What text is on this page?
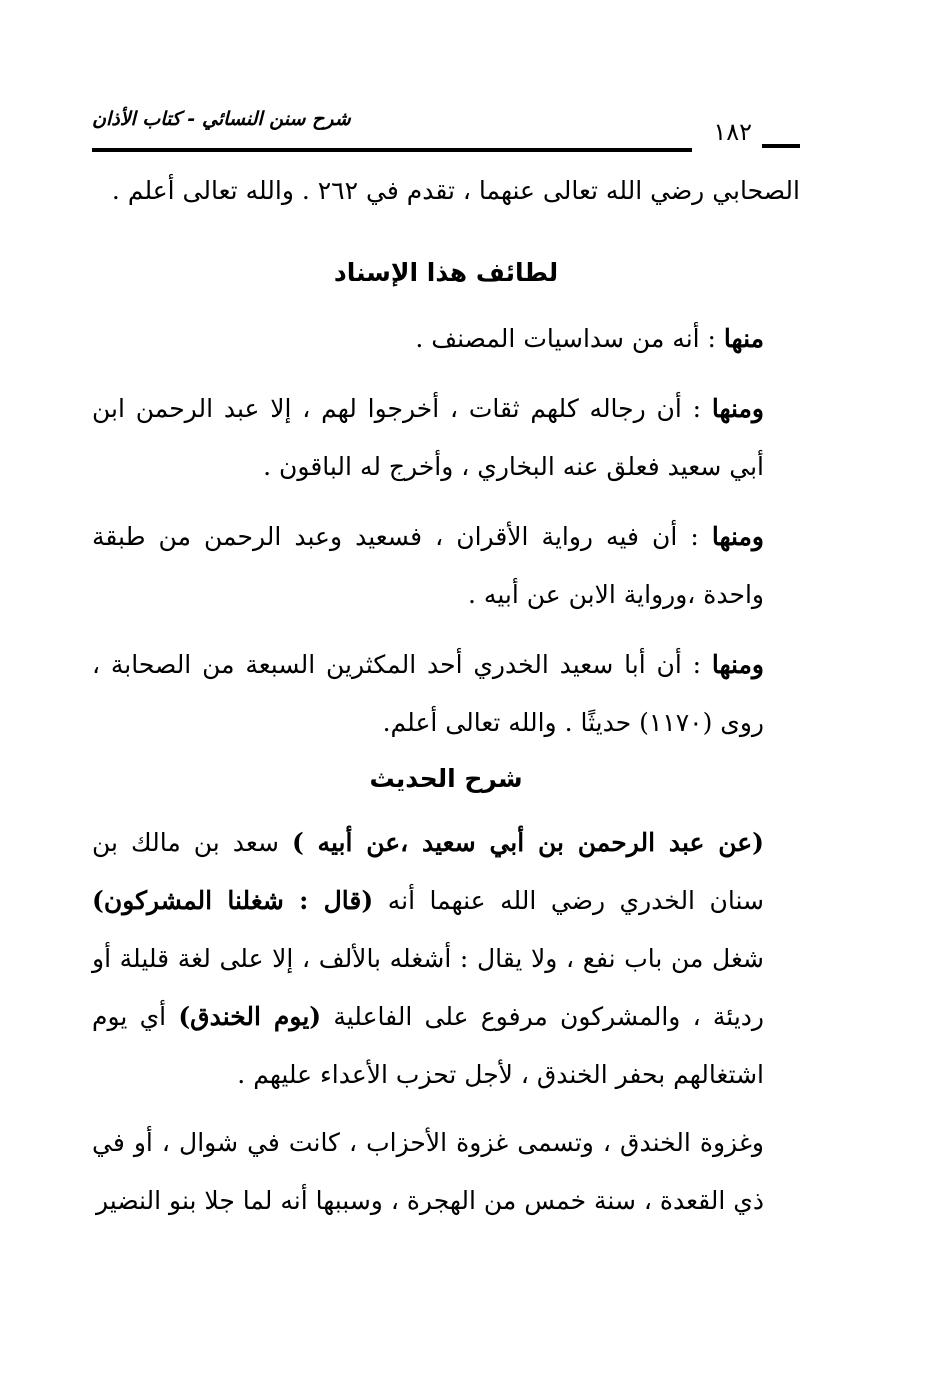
شرح سنن النسائي - كتاب الأذان	١٨٢

الصحابي رضي الله تعالى عنهما ، تقدم في ٢٦٢ . والله تعالى أعلم .

لطائف هذا الإسناد

منها : أنه من سداسيات المصنف .

ومنها : أن رجاله كلهم ثقات ، أخرجوا لهم ، إلا عبد الرحمن ابن أبي سعيد فعلق عنه البخاري ، وأخرج له الباقون .

ومنها : أن فيه رواية الأقران ، فسعيد وعبد الرحمن من طبقة واحدة ،ورواية الابن عن أبيه .

ومنها : أن أبا سعيد الخدري أحد المكثرين السبعة من الصحابة ، روى (١١٧٠) حديثًا . والله تعالى أعلم.

شرح الحديث

(عن عبد الرحمن بن أبي سعيد ،عن أبيه ) سعد بن مالك بن سنان الخدري رضي الله عنهما أنه (قال : شغلنا المشركون) شغل من باب نفع ، ولا يقال : أشغله بالألف ، إلا على لغة قليلة أو رديئة ، والمشركون مرفوع على الفاعلية (يوم الخندق) أي يوم اشتغالهم بحفر الخندق ، لأجل تحزب الأعداء عليهم .

وغزوة الخندق ، وتسمى غزوة الأحزاب ، كانت في شوال ، أو في ذي القعدة ، سنة خمس من الهجرة ، وسببها أنه لما جلا بنو النضير
